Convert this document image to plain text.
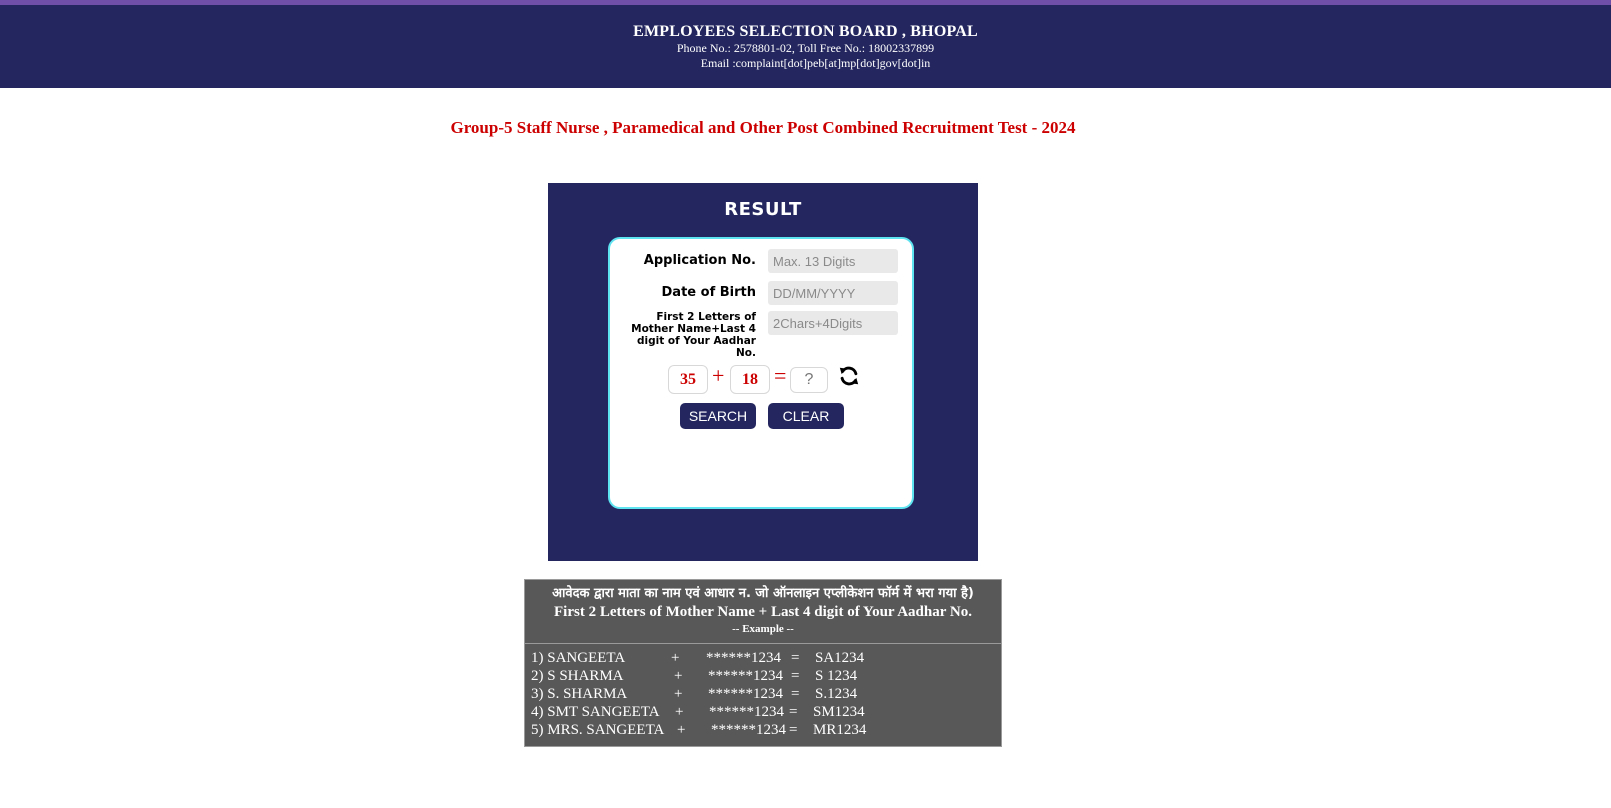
EMPLOYEES SELECTION BOARD , BHOPAL
Phone No.: 2578801-02, Toll Free No.: 18002337899
Email :complaint[dot]peb[at]mp[dot]gov[dot]in
Group-5 Staff Nurse , Paramedical and Other Post Combined Recruitment Test - 2024
RESULT
Application No.
Max. 13 Digits
Date of Birth
DD/MM/YYYY
First 2 Letters of Mother Name+Last 4 digit of Your Aadhar No.
2Chars+4Digits
35 +	18 =
?
SEARCH	CLEAR
आवेदक द्वारा माता का नाम एवं आधार न. जो ऑनलाइन एप्लीकेशन फॉर्म में भरा गया है)
First 2 Letters of Mother Name + Last 4 digit of Your Aadhar No.
-- Example --
1) SANGEETA	+ ******1234 = SA1234
2) S SHARMA	+ ******1234 = S 1234
3) S. SHARMA	+ ******1234 = S.1234
4) SMT SANGEETA + ******1234 = SM1234
5) MRS. SANGEETA + ******1234 = MR1234
